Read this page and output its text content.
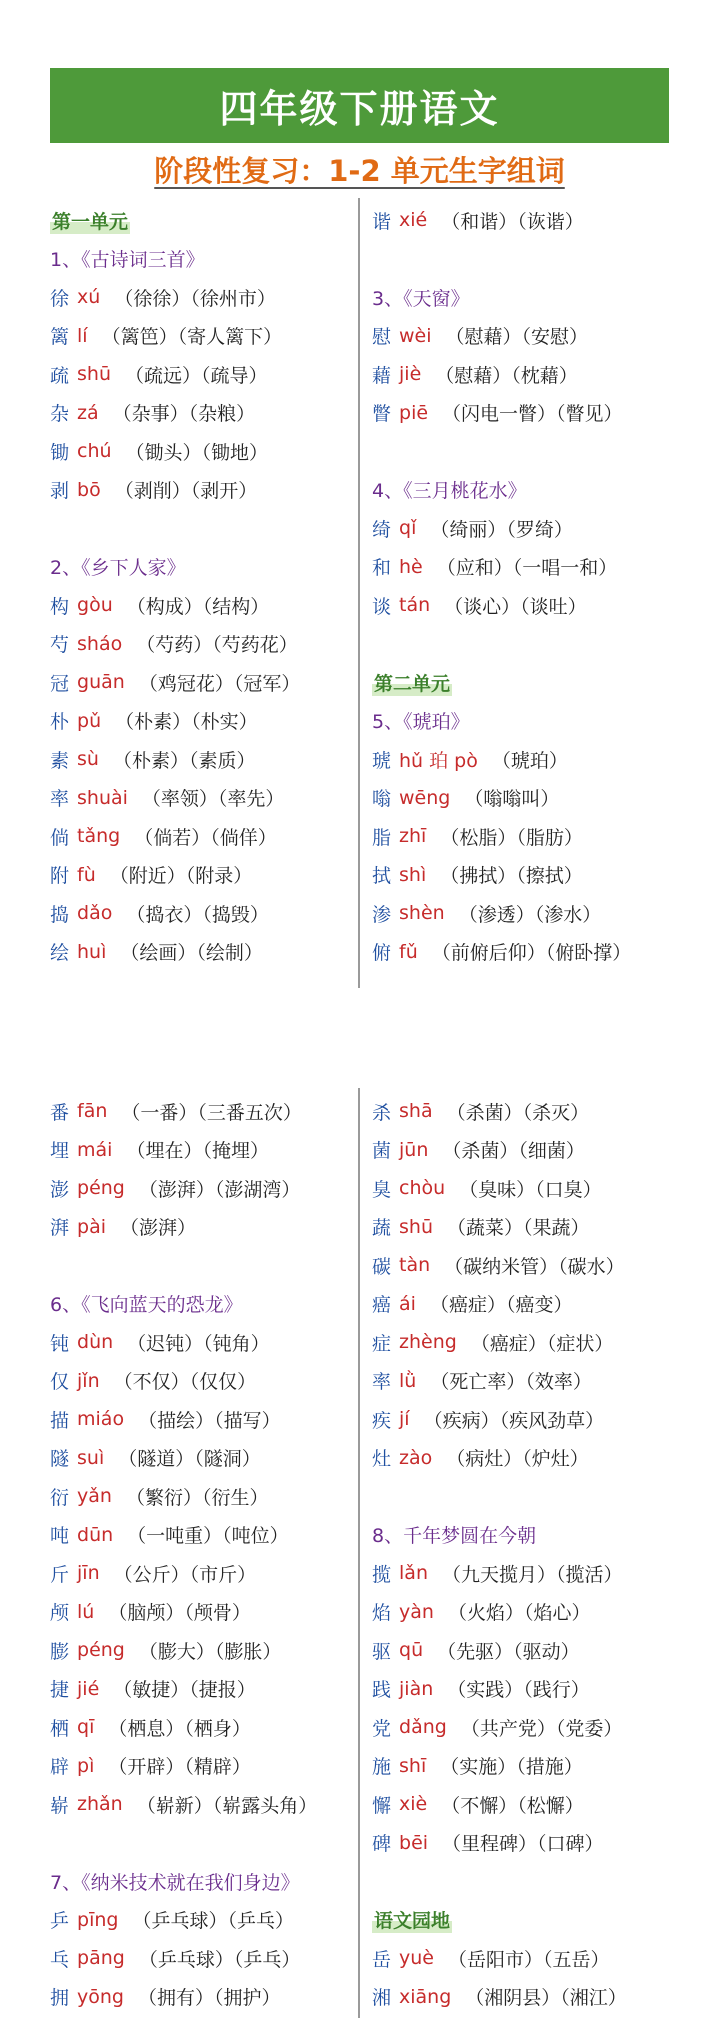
四年级下册语文
阶段性复习：1-2 单元生字组词
第一单元
1、《古诗词三首》
徐 xú （徐徐）（徐州市）
篱 lí （篱笆）（寄人篱下）
疏 shū （疏远）（疏导）
杂 zá （杂事）（杂粮）
锄 chú （锄头）（锄地）
剥 bō （剥削）（剥开）
2、《乡下人家》
构 gòu （构成）（结构）
芍 sháo （芍药）（芍药花）
冠 guān （鸡冠花）（冠军）
朴 pǔ （朴素）（朴实）
素 sù （朴素）（素质）
率 shuài （率领）（率先）
倘 tǎng （倘若）（倘佯）
附 fù （附近）（附录）
捣 dǎo （捣衣）（捣毁）
绘 huì （绘画）（绘制）
谐 xié （和谐）（诙谐）
3、《天窗》
慰 wèi （慰藉）（安慰）
藉 jiè （慰藉）（枕藉）
瞥 piē （闪电一瞥）（瞥见）
4、《三月桃花水》
绮 qǐ （绮丽）（罗绮）
和 hè （应和）（一唱一和）
谈 tán （谈心）（谈吐）
第二单元
5、《琥珀》
琥 hǔ 珀 pò （琥珀）
嗡 wēng （嗡嗡叫）
脂 zhī （松脂）（脂肪）
拭 shì （拂拭）（擦拭）
渗 shèn （渗透）（渗水）
俯 fǔ （前俯后仰）（俯卧撑）
番 fān （一番）（三番五次）
埋 mái （埋在）（掩埋）
澎 péng （澎湃）（澎湖湾）
湃 pài （澎湃）
6、《飞向蓝天的恐龙》
钝 dùn （迟钝）（钝角）
仅 jǐn （不仅）（仅仅）
描 miáo （描绘）（描写）
隧 suì （隧道）（隧洞）
衍 yǎn （繁衍）（衍生）
吨 dūn （一吨重）（吨位）
斤 jīn （公斤）（市斤）
颅 lú （脑颅）（颅骨）
膨 péng （膨大）（膨胀）
捷 jié （敏捷）（捷报）
栖 qī （栖息）（栖身）
辟 pì （开辟）（精辟）
崭 zhǎn （崭新）（崭露头角）
7、《纳米技术就在我们身边》
乒 pīng （乒乓球）（乒乓）
乓 pāng （乒乓球）（乒乓）
拥 yōng （拥有）（拥护）
杀 shā （杀菌）（杀灭）
菌 jūn （杀菌）（细菌）
臭 chòu （臭味）（口臭）
蔬 shū （蔬菜）（果蔬）
碳 tàn （碳纳米管）（碳水）
癌 ái （癌症）（癌变）
症 zhèng （癌症）（症状）
率 lǜ （死亡率）（效率）
疾 jí （疾病）（疾风劲草）
灶 zào （病灶）（炉灶）
8、千年梦圆在今朝
揽 lǎn （九天揽月）（揽活）
焰 yàn （火焰）（焰心）
驱 qū （先驱）（驱动）
践 jiàn （实践）（践行）
党 dǎng （共产党）（党委）
施 shī （实施）（措施）
懈 xiè （不懈）（松懈）
碑 bēi （里程碑）（口碑）
语文园地
岳 yuè （岳阳市）（五岳）
湘 xiāng （湘阴县）（湘江）
